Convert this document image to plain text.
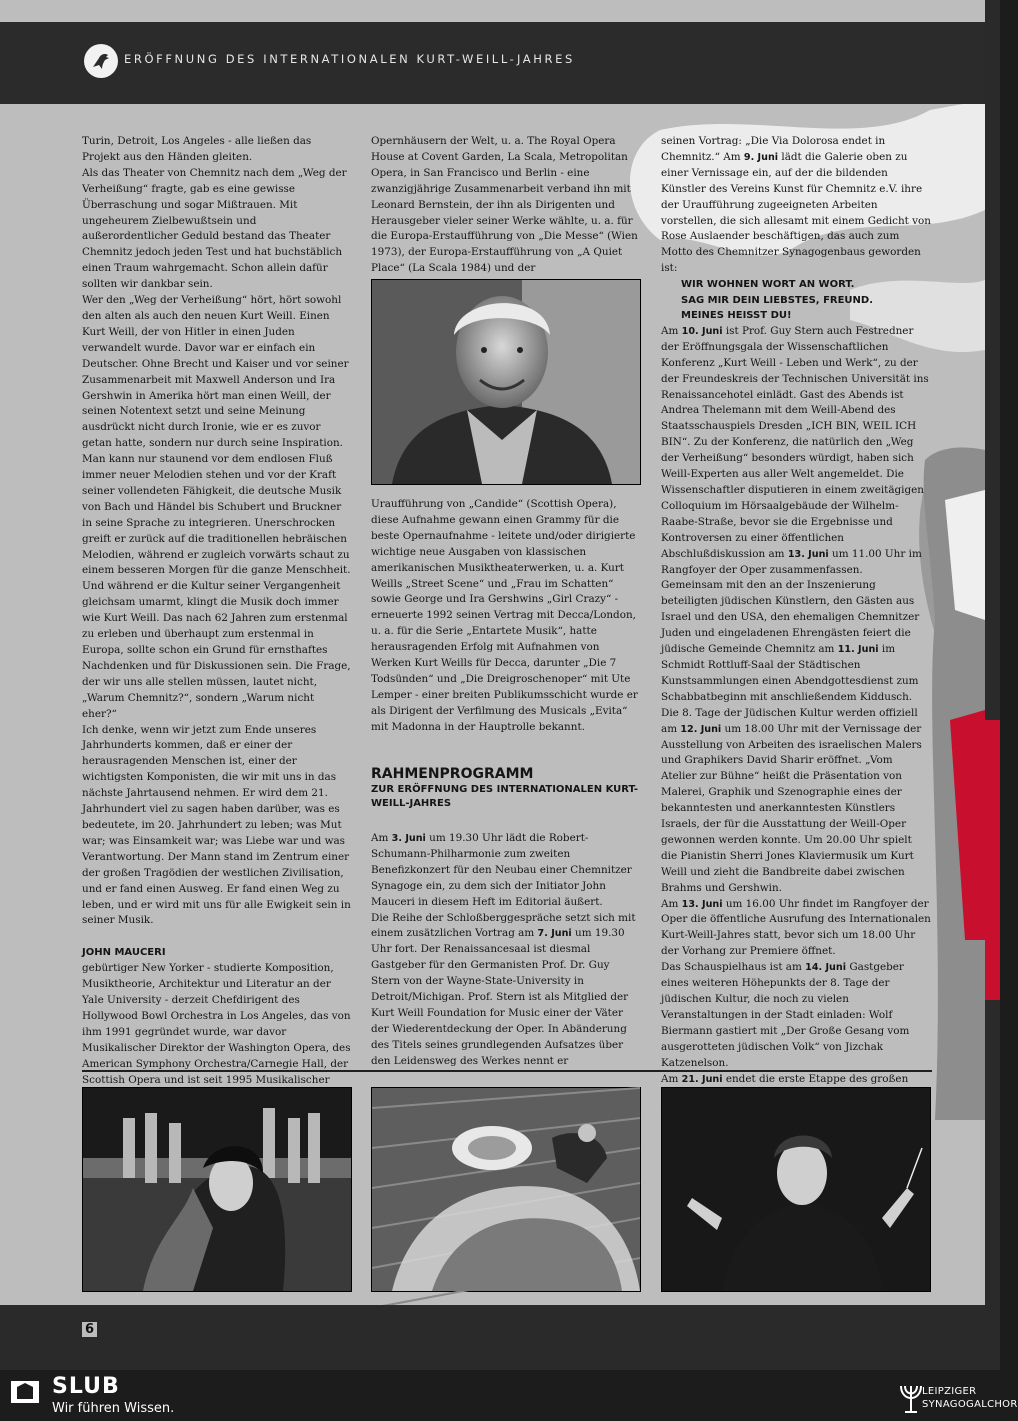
ERÖFFNUNG DES INTERNATIONALEN KURT-WEILL-JAHRES

Turin, Detroit, Los Angeles - alle ließen das Projekt aus den Händen gleiten.

Als das Theater von Chemnitz nach dem „Weg der Verheißung“ fragte, gab es eine gewisse Überraschung und sogar Mißtrauen. Mit ungeheurem Zielbewußtsein und außerordentlicher Geduld bestand das Theater Chemnitz jedoch jeden Test und hat buchstäblich einen Traum wahrgemacht. Schon allein dafür sollten wir dankbar sein.

Wer den „Weg der Verheißung“ hört, hört sowohl den alten als auch den neuen Kurt Weill. Einen Kurt Weill, der von Hitler in einen Juden verwandelt wurde. Davor war er einfach ein Deutscher. Ohne Brecht und Kaiser und vor seiner Zusammenarbeit mit Maxwell Anderson und Ira Gershwin in Amerika hört man einen Weill, der seinen Notentext setzt und seine Meinung ausdrückt nicht durch Ironie, wie er es zuvor getan hatte, sondern nur durch seine Inspiration. Man kann nur staunend vor dem endlosen Fluß immer neuer Melodien stehen und vor der Kraft seiner vollendeten Fähigkeit, die deutsche Musik von Bach und Händel bis Schubert und Bruckner in seine Sprache zu integrieren. Unerschrocken greift er zurück auf die traditionellen hebräischen Melodien, während er zugleich vorwärts schaut zu einem besseren Morgen für die ganze Menschheit. Und während er die Kultur seiner Vergangenheit gleichsam umarmt, klingt die Musik doch immer wie Kurt Weill. Das nach 62 Jahren zum erstenmal zu erleben und überhaupt zum erstenmal in Europa, sollte schon ein Grund für ernsthaftes Nachdenken und für Diskussionen sein. Die Frage, der wir uns alle stellen müssen, lautet nicht, „Warum Chemnitz?“, sondern „Warum nicht eher?“

Ich denke, wenn wir jetzt zum Ende unseres Jahrhunderts kommen, daß er einer der herausragenden Menschen ist, einer der wichtigsten Komponisten, die wir mit uns in das nächste Jahrtausend nehmen. Er wird dem 21. Jahrhundert viel zu sagen haben darüber, was es bedeutete, im 20. Jahrhundert zu leben; was Mut war; was Einsamkeit war; was Liebe war und was Verantwortung. Der Mann stand im Zentrum einer der großen Tragödien der westlichen Zivilisation, und er fand einen Ausweg. Er fand einen Weg zu leben, und er wird mit uns für alle Ewigkeit sein in seiner Musik.

JOHN MAUCERI

gebürtiger New Yorker - studierte Komposition, Musiktheorie, Architektur und Literatur an der Yale University - derzeit Chefdirigent des Hollywood Bowl Orchestra in Los Angeles, das von ihm 1991 gegründet wurde, war davor Musikalischer Direktor der Washington Opera, des American Symphony Orchestra/Carnegie Hall, der Scottish Opera und ist seit 1995 Musikalischer

Opernhäusern der Welt, u. a. The Royal Opera House at Covent Garden, La Scala, Metropolitan Opera, in San Francisco und Berlin - eine zwanzigjährige Zusammenarbeit verband ihn mit Leonard Bernstein, der ihn als Dirigenten und Herausgeber vieler seiner Werke wählte, u. a. für die Europa-Erstaufführung von „Die Messe“ (Wien 1973), der Europa-Erstaufführung von „A Quiet Place“ (La Scala 1984) und der

Uraufführung von „Candide“ (Scottish Opera), diese Aufnahme gewann einen Grammy für die beste Opernaufnahme - leitete und/oder dirigierte wichtige neue Ausgaben von klassischen amerikanischen Musiktheaterwerken, u. a. Kurt Weills „Street Scene“ und „Frau im Schatten“ sowie George und Ira Gershwins „Girl Crazy“ - erneuerte 1992 seinen Vertrag mit Decca/London, u. a. für die Serie „Entartete Musik“, hatte herausragenden Erfolg mit Aufnahmen von Werken Kurt Weills für Decca, darunter „Die 7 Todsünden“ und „Die Dreigroschenoper“ mit Ute Lemper - einer breiten Publikumsschicht wurde er als Dirigent der Verfilmung des Musicals „Evita“ mit Madonna in der Hauptrolle bekannt.

RAHMENPROGRAMM

ZUR ERÖFFNUNG DES INTERNATIONALEN KURT-WEILL-JAHRES

Am 3. Juni um 19.30 Uhr lädt die Robert-Schumann-Philharmonie zum zweiten Benefizkonzert für den Neubau einer Chemnitzer Synagoge ein, zu dem sich der Initiator John Mauceri in diesem Heft im Editorial äußert.

Die Reihe der Schloßberggespräche setzt sich mit einem zusätzlichen Vortrag am 7. Juni um 19.30 Uhr fort. Der Renaissancesaal ist diesmal Gastgeber für den Germanisten Prof. Dr. Guy Stern von der Wayne-State-University in Detroit/Michigan. Prof. Stern ist als Mitglied der Kurt Weill Foundation for Music einer der Väter der Wiederentdeckung der Oper. In Abänderung des Titels seines grundlegenden Aufsatzes über den Leidensweg des Werkes nennt er

seinen Vortrag: „Die Via Dolorosa endet in Chemnitz.“ Am 9. Juni lädt die Galerie oben zu einer Vernissage ein, auf der die bildenden Künstler des Vereins Kunst für Chemnitz e.V. ihre der Uraufführung zugeeigneten Arbeiten vorstellen, die sich allesamt mit einem Gedicht von Rose Auslaender beschäftigen, das auch zum Motto des Chemnitzer Synagogenbaus geworden ist:

WIR WOHNEN WORT AN WORT.

SAG MIR DEIN LIEBSTES, FREUND.

MEINES HEISST DU!

Am 10. Juni ist Prof. Guy Stern auch Festredner der Eröffnungsgala der Wissenschaftlichen Konferenz „Kurt Weill - Leben und Werk“, zu der der Freundeskreis der Technischen Universität ins Renaissancehotel einlädt. Gast des Abends ist Andrea Thelemann mit dem Weill-Abend des Staatsschauspiels Dresden „ICH BIN, WEIL ICH BIN“. Zu der Konferenz, die natürlich den „Weg der Verheißung“ besonders würdigt, haben sich Weill-Experten aus aller Welt angemeldet. Die Wissenschaftler disputieren in einem zweitägigen Colloquium im Hörsaalgebäude der Wilhelm-Raabe-Straße, bevor sie die Ergebnisse und Kontroversen zu einer öffentlichen Abschlußdiskussion am 13. Juni um 11.00 Uhr im Rangfoyer der Oper zusammenfassen.

Gemeinsam mit den an der Inszenierung beteiligten jüdischen Künstlern, den Gästen aus Israel und den USA, den ehemaligen Chemnitzer Juden und eingeladenen Ehrengästen feiert die jüdische Gemeinde Chemnitz am 11. Juni im Schmidt Rottluff-Saal der Städtischen Kunstsammlungen einen Abendgottesdienst zum Schabbatbeginn mit anschließendem Kiddusch.

Die 8. Tage der Jüdischen Kultur werden offiziell am 12. Juni um 18.00 Uhr mit der Vernissage der Ausstellung von Arbeiten des israelischen Malers und Graphikers David Sharir eröffnet. „Vom Atelier zur Bühne“ heißt die Präsentation von Malerei, Graphik und Szenographie eines der bekanntesten und anerkanntesten Künstlers Israels, der für die Ausstattung der Weill-Oper gewonnen werden konnte. Um 20.00 Uhr spielt die Pianistin Sherri Jones Klaviermusik um Kurt Weill und zieht die Bandbreite dabei zwischen Brahms und Gershwin.

Am 13. Juni um 16.00 Uhr findet im Rangfoyer der Oper die öffentliche Ausrufung des Internationalen Kurt-Weill-Jahres statt, bevor sich um 18.00 Uhr der Vorhang zur Premiere öffnet.

Das Schauspielhaus ist am 14. Juni Gastgeber eines weiteren Höhepunkts der 8. Tage der jüdischen Kultur, die noch zu vielen Veranstaltungen in der Stadt einladen: Wolf Biermann gastiert mit „Der Große Gesang vom ausgerotteten jüdischen Volk“ von Jizchak Katzenelson.

Am 21. Juni endet die erste Etappe des großen

6
SLUB
Wir führen Wissen.
LEIPZIGER
SYNAGOGALCHOR
